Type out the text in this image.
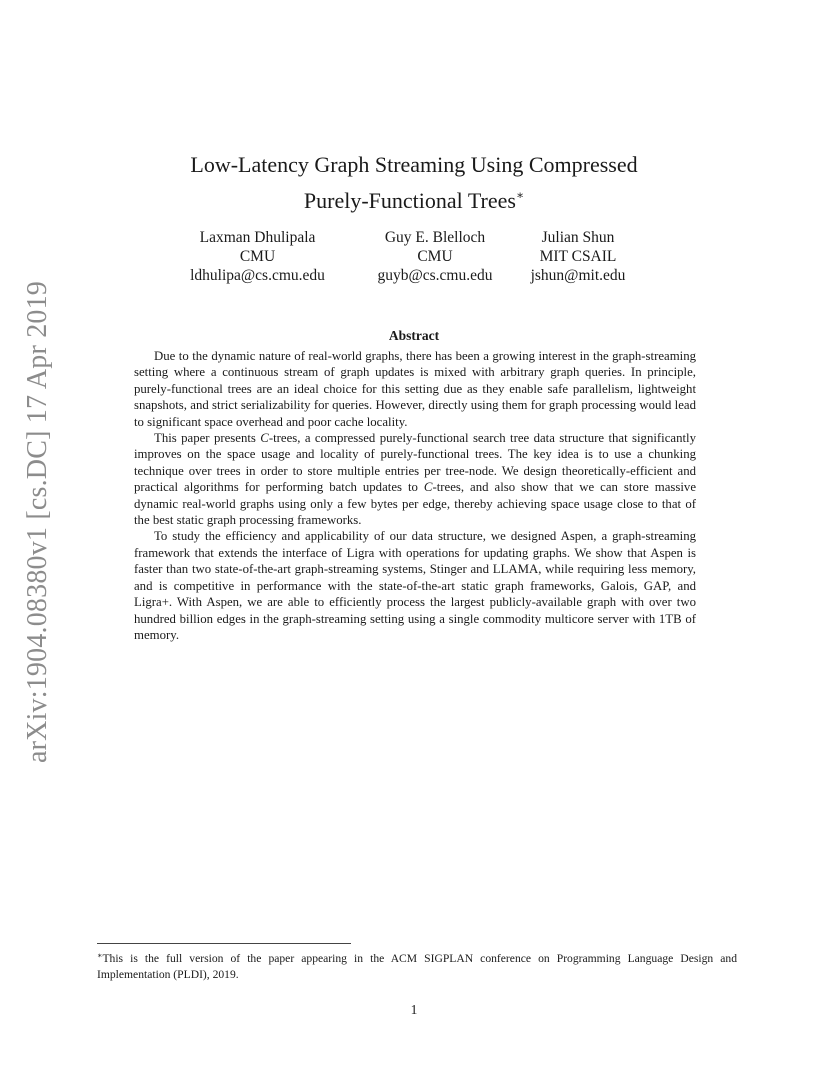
arXiv:1904.08380v1 [cs.DC] 17 Apr 2019
Low-Latency Graph Streaming Using Compressed
Purely-Functional Trees∗
Laxman Dhulipala
CMU
ldhulipa@cs.cmu.edu
Guy E. Blelloch
CMU
guyb@cs.cmu.edu
Julian Shun
MIT CSAIL
jshun@mit.edu
Abstract

Due to the dynamic nature of real-world graphs, there has been a growing interest in the graph-streaming setting where a continuous stream of graph updates is mixed with arbitrary graph queries. In principle, purely-functional trees are an ideal choice for this setting due as they enable safe parallelism, lightweight snapshots, and strict serializability for queries. However, directly using them for graph processing would lead to significant space overhead and poor cache locality.

This paper presents C-trees, a compressed purely-functional search tree data structure that significantly improves on the space usage and locality of purely-functional trees. The key idea is to use a chunking technique over trees in order to store multiple entries per tree-node. We design theoretically-efficient and practical algorithms for performing batch updates to C-trees, and also show that we can store massive dynamic real-world graphs using only a few bytes per edge, thereby achieving space usage close to that of the best static graph processing frameworks.

To study the efficiency and applicability of our data structure, we designed Aspen, a graph-streaming framework that extends the interface of Ligra with operations for updating graphs. We show that Aspen is faster than two state-of-the-art graph-streaming systems, Stinger and LLAMA, while requiring less memory, and is competitive in performance with the state-of-the-art static graph frameworks, Galois, GAP, and Ligra+. With Aspen, we are able to efficiently process the largest publicly-available graph with over two hundred billion edges in the graph-streaming setting using a single commodity multicore server with 1TB of memory.

∗This is the full version of the paper appearing in the ACM SIGPLAN conference on Programming Language Design and Implementation (PLDI), 2019.
1
